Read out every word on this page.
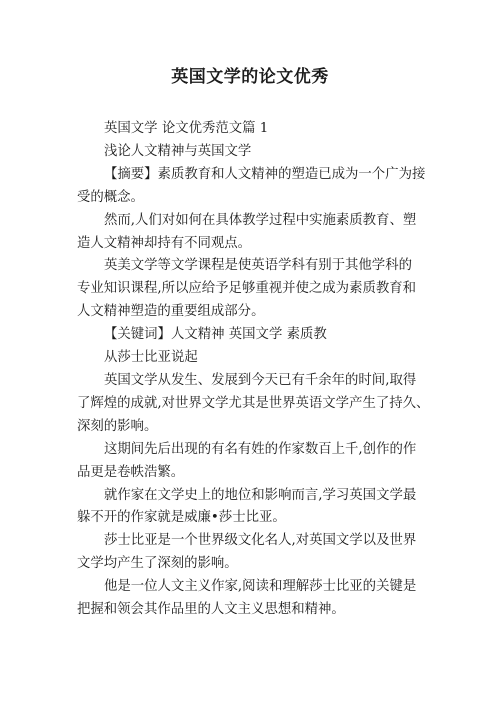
英国文学的论文优秀

英国文学 论文优秀范文篇 1

浅论人文精神与英国文学

【摘要】素质教育和人文精神的塑造已成为一个广为接
受的概念。

然而,人们对如何在具体教学过程中实施素质教育、塑
造人文精神却持有不同观点。

英美文学等文学课程是使英语学科有别于其他学科的
专业知识课程,所以应给予足够重视并使之成为素质教育和
人文精神塑造的重要组成部分。

【关键词】人文精神 英国文学 素质教

从莎士比亚说起

英国文学从发生、发展到今天已有千余年的时间,取得
了辉煌的成就,对世界文学尤其是世界英语文学产生了持久、
深刻的影响。

这期间先后出现的有名有姓的作家数百上千,创作的作
品更是卷帙浩繁。

就作家在文学史上的地位和影响而言,学习英国文学最
躲不开的作家就是威廉•莎士比亚。

莎士比亚是一个世界级文化名人,对英国文学以及世界
文学均产生了深刻的影响。

他是一位人文主义作家,阅读和理解莎士比亚的关键是
把握和领会其作品里的人文主义思想和精神。
